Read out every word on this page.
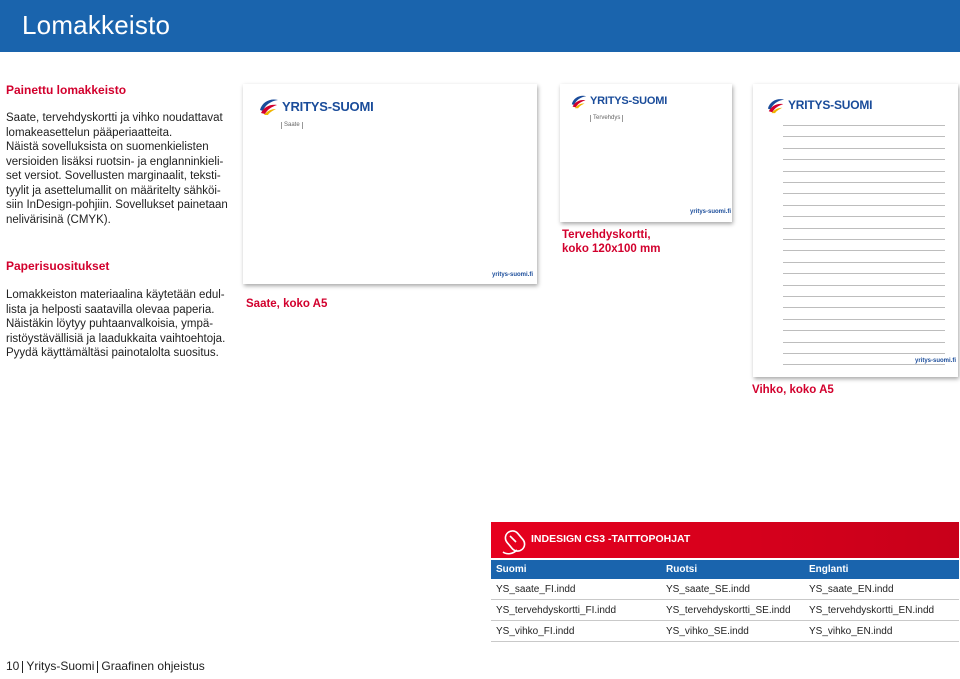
Lomakkeisto
Painettu lomakkeisto
Saate, tervehdyskortti ja vihko noudattavat
lomakeasettelun pääperiaatteita.
Näistä sovelluksista on suomenkielisten
versioiden lisäksi ruotsin- ja englanninkieli-
set versiot. Sovellusten marginaalit, teksti-
tyylit ja asettelumallit on määritelty sähköi-
siin InDesign-pohjiin. Sovellukset painetaan
nelivärisinä (CMYK).
Paperisuositukset
Lomakkeiston materiaalina käytetään edul-
lista ja helposti saatavilla olevaa paperia.
Näistäkin löytyy puhtaanvalkoisia, ympä-
ristöystävällisiä ja laadukkaita vaihtoehtoja.
Pyydä käyttämältäsi painotalolta suositus.
YRITYS-SUOMI
Saate
yritys-suomi.fi
Saate, koko A5
YRITYS-SUOMI
Tervehdys
yritys-suomi.fi
Tervehdyskortti,
koko 120x100 mm
YRITYS-SUOMI
yritys-suomi.fi
Vihko, koko A5
INDESIGN CS3 -TAITTOPOHJAT
Suomi	Ruotsi	Englanti
YS_saate_FI.indd	YS_saate_SE.indd	YS_saate_EN.indd
YS_tervehdyskortti_FI.indd	YS_tervehdyskortti_SE.indd	YS_tervehdyskortti_EN.indd
YS_vihko_FI.indd	YS_vihko_SE.indd	YS_vihko_EN.indd
10 Yritys-Suomi Graafinen ohjeistus
